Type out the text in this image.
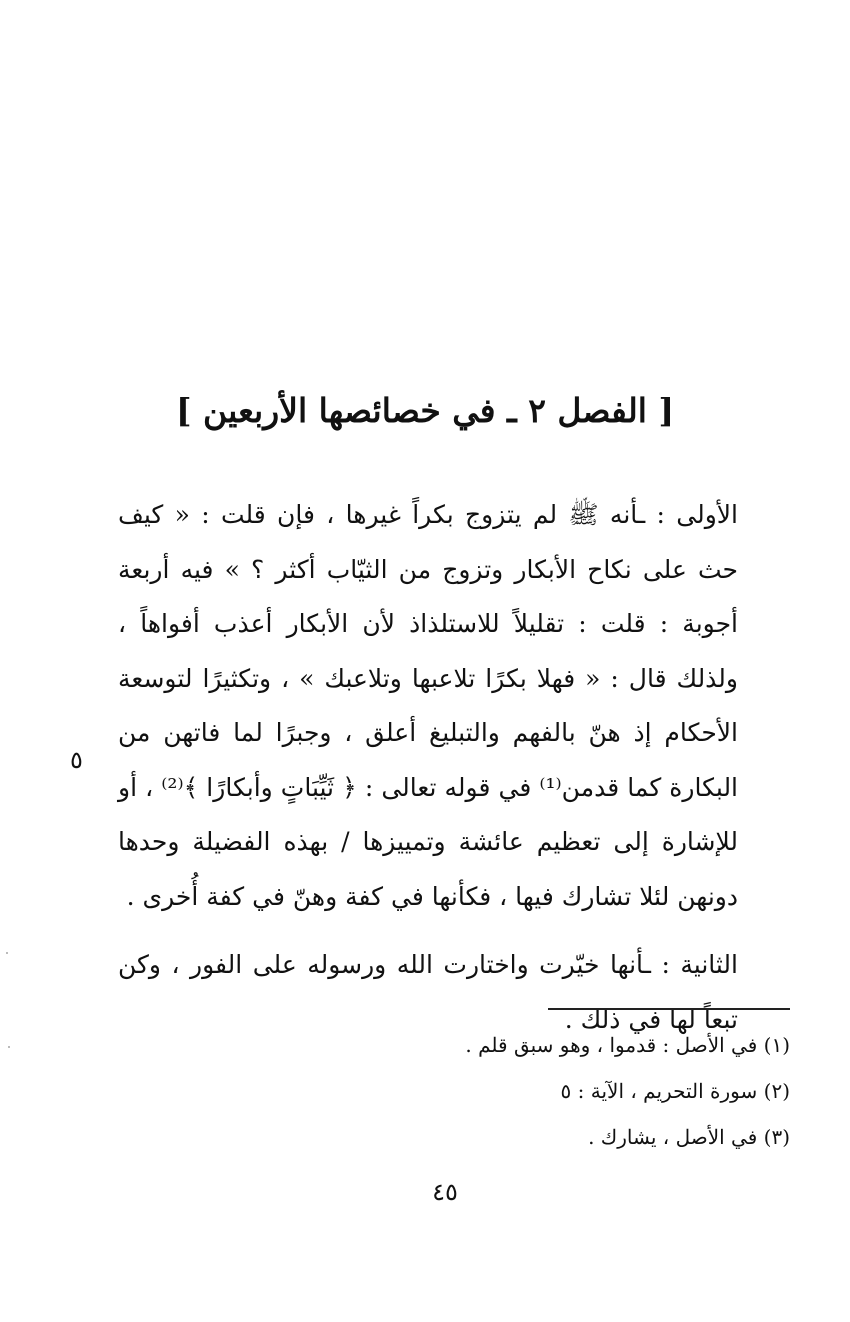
[ الفصل ٢ ـ في خصائصها الأربعين ]

الأولى : ـأنه ﷺ لم يتزوج بكراً غيرها ، فإن قلت : « كيف حث على نكاح الأبكار وتزوج من الثيّاب أكثر ؟ » فيه أربعة أجوبة : قلت : تقليلاً للاستلذاذ لأن الأبكار أعذب أفواهاً ، ولذلك قال : « فهلا بكرًا تلاعبها وتلاعبك » ، وتكثيرًا لتوسعة الأحكام إذ هنّ بالفهم والتبليغ أعلق ، وجبرًا لما فاتهن من البكارة كما قدمن⁽¹⁾ في قوله تعالى : ﴿ ثَيِّبَاتٍ وأبكارًا ﴾⁽²⁾ ، أو للإشارة إلى تعظيم عائشة وتمييزها / بهذه الفضيلة وحدها دونهن لئلا تشارك فيها ، فكأنها في كفة وهنّ في كفة أُخرى .

الثانية : ـأنها خيّرت واختارت الله ورسوله على الفور ، وكن تبعاً لها في ذلك .

٥

(١) في الأصل : قدموا ، وهو سبق قلم .

(٢) سورة التحريم ، الآية : ٥

(٣) في الأصل ، يشارك .

٤٥
